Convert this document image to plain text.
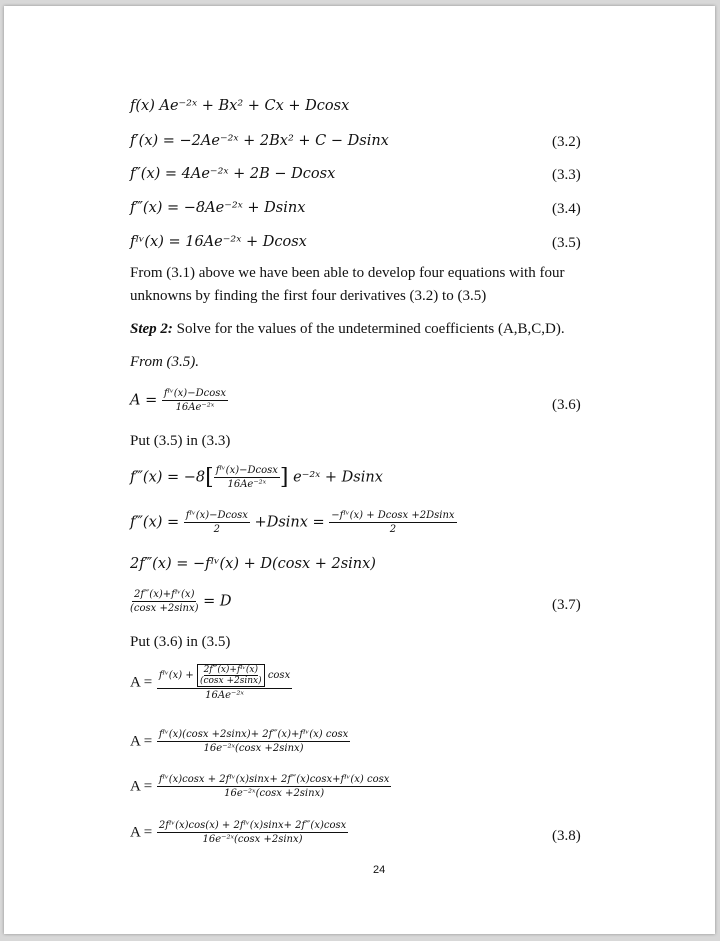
f(x) Ae⁻²ˣ + Bx² + Cx + Dcosx
f′(x) = −2Ae⁻²ˣ + 2Bx² + C − Dsinx	(3.2)
f″(x) = 4Ae⁻²ˣ + 2B − Dcosx	(3.3)
f‴(x) = −8Ae⁻²ˣ + Dsinx	(3.4)
fᴵᵛ(x) = 16Ae⁻²ˣ + Dcosx	(3.5)
From (3.1) above we have been able to develop four equations with four
unknowns by finding the first four derivatives (3.2) to (3.5)
Step 2: Solve for the values of the undetermined coefficients (A,B,C,D).
From (3.5).
$A = \frac{\text{fᴵᵛ(x)−Dcosx}}{\text{16Ae⁻²ˣ}}$	(3.6)
Put (3.5) in (3.3)
f‴(x) = $-8[ \frac{\text{fᴵᵛ(x)−Dcosx}}{\text{16Ae⁻²ˣ}}$ ] e⁻²ˣ + Dsinx
f‴(x) = $\frac{\text{fᴵᵛ(x)−Dcosx}}{2} +Dsinx = \frac{\text{−fᴵᵛ(x) + Dcosx +2Dsinx}}{2}$
2f‴(x) = −fᴵᵛ(x) + D(cosx + 2sinx)
$\frac{\text{2f‴(x)+fᴵᵛ(x)}}{(\cos x +2\sin x)} = D$	(3.7)
Put (3.6) in (3.5)
A = fᴵᵛ(x) + 2f‴(x)+fᴵᵛ(x)
(cosx +2sinx) cosx
16Ae⁻²ˣ
$A = \frac{\text{fᴵᵛ(x)(cosx +2sinx)+ 2f‴(x)+fᴵᵛ(x) cosx}}{\text{16e⁻²ˣ(cosx +2sinx)}}$
$A = \frac{\text{fᴵᵛ(x)cosx + 2fᴵᵛ(x)sinx+ 2f‴(x)cosx+fᴵᵛ(x) cosx}}{\text{16e⁻²ˣ(cosx +2sinx)}}$
$A = \frac{\text{2fᴵᵛ(x)cos(x) + 2fᴵᵛ(x)sinx+ 2f‴(x)cosx}}{\text{16e⁻²ˣ(cosx +2sinx)}}$	(3.8)
24
